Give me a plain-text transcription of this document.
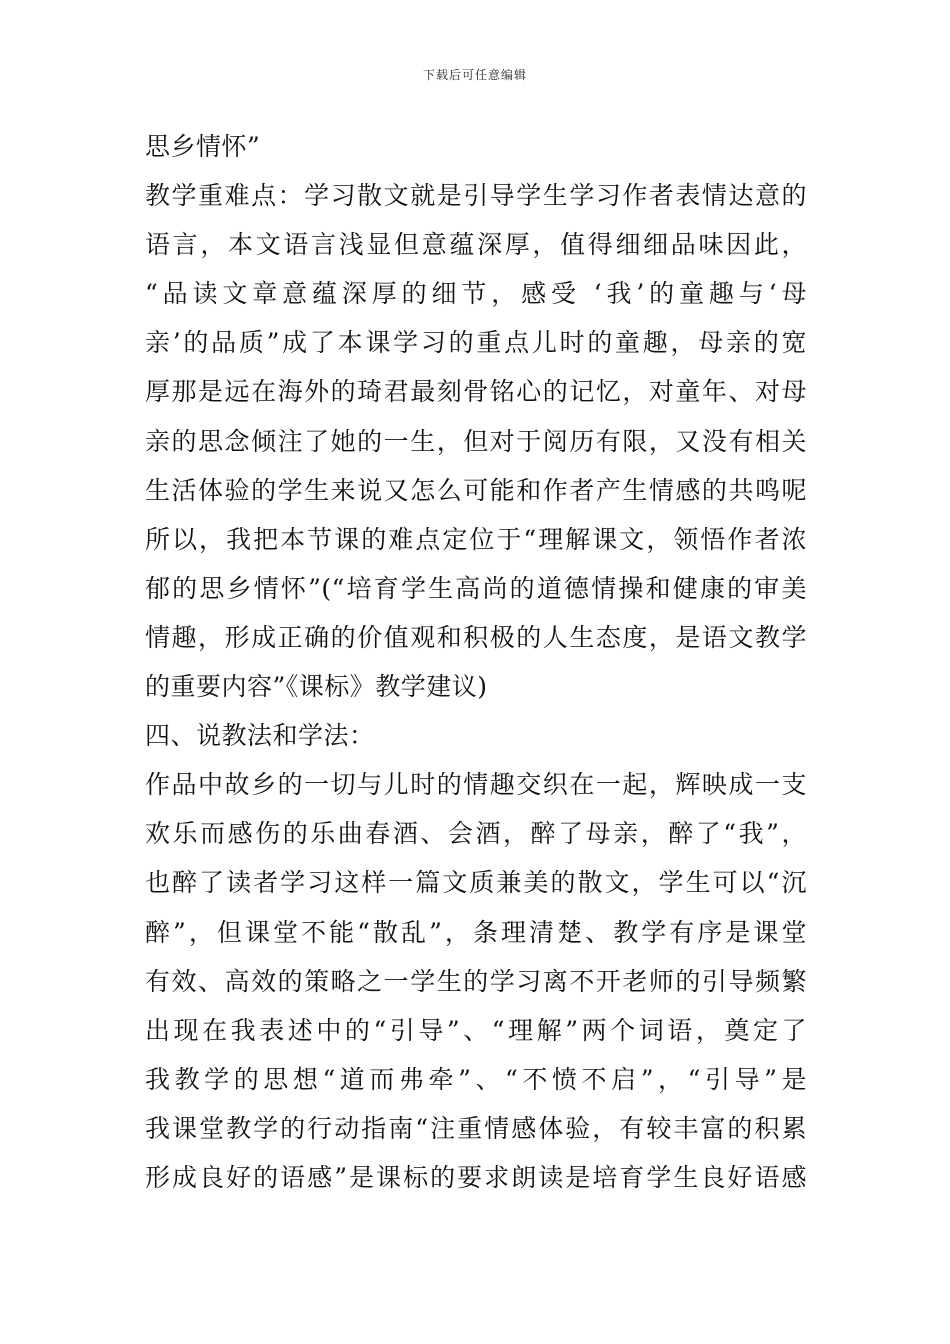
下载后可任意编辑
思乡情怀”
教学重难点：学习散文就是引导学生学习作者表情达意的
语言，本文语言浅显但意蕴深厚，值得细细品味因此，
“品读文章意蕴深厚的细节，感受 ‘我’的童趣与‘母
亲’的品质”成了本课学习的重点儿时的童趣，母亲的宽
厚那是远在海外的琦君最刻骨铭心的记忆，对童年、对母
亲的思念倾注了她的一生，但对于阅历有限，又没有相关
生活体验的学生来说又怎么可能和作者产生情感的共鸣呢
所以，我把本节课的难点定位于“理解课文，领悟作者浓
郁的思乡情怀”(“培育学生高尚的道德情操和健康的审美
情趣，形成正确的价值观和积极的人生态度，是语文教学
的重要内容”《课标》教学建议)
四、说教法和学法：
作品中故乡的一切与儿时的情趣交织在一起，辉映成一支
欢乐而感伤的乐曲春酒、会酒，醉了母亲，醉了“我”，
也醉了读者学习这样一篇文质兼美的散文，学生可以“沉
醉”，但课堂不能“散乱”，条理清楚、教学有序是课堂
有效、高效的策略之一学生的学习离不开老师的引导频繁
出现在我表述中的“引导”、“理解”两个词语，奠定了
我教学的思想“道而弗牵”、“不愤不启”，“引导”是
我课堂教学的行动指南“注重情感体验，有较丰富的积累
形成良好的语感”是课标的要求朗读是培育学生良好语感
